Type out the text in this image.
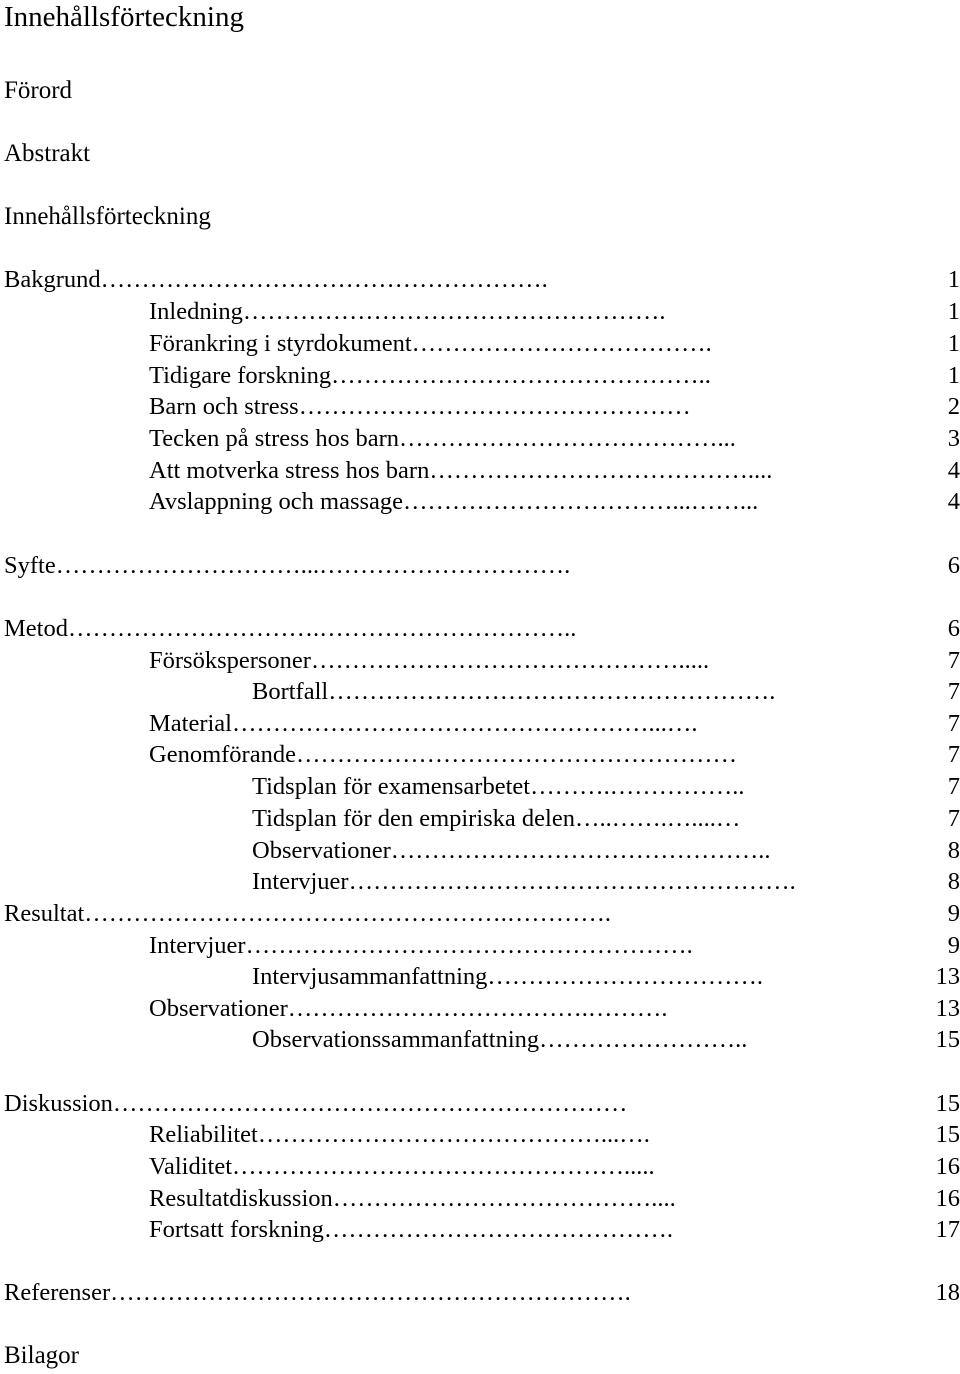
Innehållsförteckning
Förord
Abstrakt
Innehållsförteckning
Bakgrund……………………………………………….	1
Inledning…………………………………………….	1
Förankring i styrdokument……………………………….	1
Tidigare forskning………………………………………..	1
Barn och stress…………………………………………	2
Tecken på stress hos barn…………………………………...	3
Att motverka stress hos barn…………………………………....	4
Avslappning och massage……………………………...……...	4
Syfte…………………………...………………………….	6
Metod………………………….…………………………..	6
Försökspersoner……………………………………….....	7
Bortfall……………………………………………….	7
Material……………………………………………...….	7
Genomförande………………………………………………	7
Tidsplan för examensarbetet……….……………..	7
Tidsplan för den empiriska delen…..…….…....…	7
Observationer………………………………………..	8
Intervjuer……………………………………………….	8
Resultat…………………………………………….………….	9
Intervjuer……………………………………………….	9
Intervjusammanfattning…………………………….	13
Observationer……………………………….……….	13
Observationssammanfattning……………………..	15
Diskussion………………………………………………………	15
Reliabilitet……………………………………...….	15
Validitet………………………………………….....	16
Resultatdiskussion…………………………………....	16
Fortsatt forskning…………………………………….	17
Referenser……………………………………………………….	18
Bilagor
